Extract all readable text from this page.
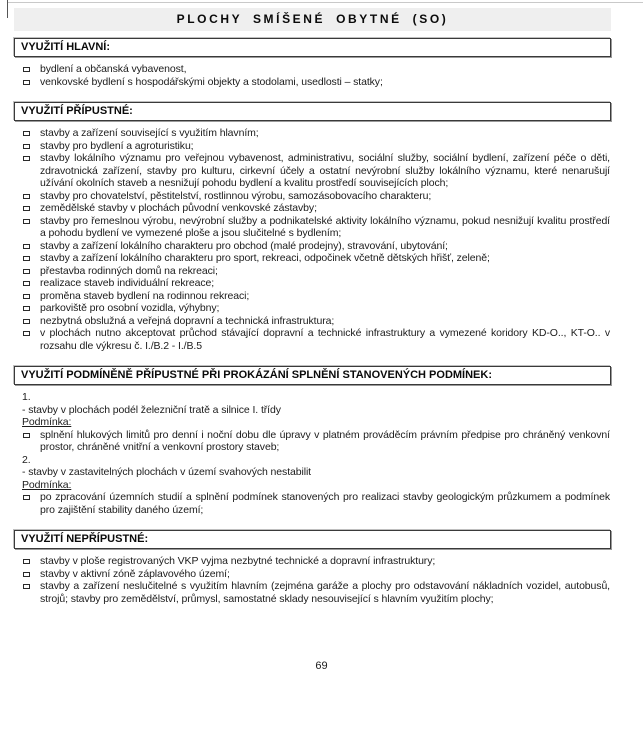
PLOCHY SMÍŠENÉ OBYTNÉ (SO)
VYUŽITÍ HLAVNÍ:
bydlení a občanská vybavenost,
venkovské bydlení s hospodářskými objekty a stodolami, usedlosti – statky;
VYUŽITÍ PŘÍPUSTNÉ:
stavby a zařízení související s využitím hlavním;
stavby pro bydlení a agroturistiku;
stavby lokálního významu pro veřejnou vybavenost, administrativu, sociální služby, sociální bydlení, zařízení péče o děti, zdravotnická zařízení, stavby pro kulturu, cirkevní účely a ostatní nevýrobní služby lokálního významu, které nenarušují užívání okolních staveb a nesnižují pohodu bydlení a kvalitu prostředí souvisejících ploch;
stavby pro chovatelství, pěstitelství, rostlinnou výrobu, samozásobovacího charakteru;
zemědělské stavby v plochách původní venkovské zástavby;
stavby pro řemeslnou výrobu, nevýrobní služby a podnikatelské aktivity lokálního významu, pokud nesnižují kvalitu prostředí a pohodu bydlení ve vymezené ploše a jsou slučitelné s bydlením;
stavby a zařízení lokálního charakteru pro obchod (malé prodejny), stravování, ubytování;
stavby a zařízení lokálního charakteru pro sport, rekreaci, odpočinek včetně dětských hřišť, zeleně;
přestavba rodinných domů na rekreaci;
realizace staveb individuální rekreace;
proměna staveb bydlení na rodinnou rekreaci;
parkoviště pro osobní vozidla, výhybny;
nezbytná obslužná a veřejná dopravní a technická infrastruktura;
v plochách nutno akceptovat průchod stávající dopravní a technické infrastruktury a vymezené koridory KD-O.., KT-O.. v rozsahu dle výkresu č. I./B.2 - I./B.5
VYUŽITÍ PODMÍNĚNĚ PŘÍPUSTNÉ PŘI PROKÁZÁNÍ SPLNĚNÍ STANOVENÝCH PODMÍNEK:
1.
- stavby v plochách podél železniční tratě a silnice I. třídy
Podmínka:
splnění hlukových limitů pro denní i noční dobu dle úpravy v platném prováděcím právním předpise pro chráněný venkovní prostor, chráněné vnitřní a venkovní prostory staveb;
2.
- stavby v zastavitelných plochách v území svahových nestabilit
Podmínka:
po zpracování územních studií a splnění podmínek stanovených pro realizaci stavby geologickým průzkumem a podmínek pro zajištění stability daného území;
VYUŽITÍ NEPŘÍPUSTNÉ:
stavby v ploše registrovaných VKP vyjma nezbytné technické a dopravní infrastruktury;
stavby v aktivní zóně záplavového území;
stavby a zařízení neslučitelné s využitím hlavním (zejména garáže a plochy pro odstavování nákladních vozidel, autobusů, strojů; stavby pro zemědělství, průmysl, samostatné sklady nesouvisející s hlavním využitím plochy;
69
